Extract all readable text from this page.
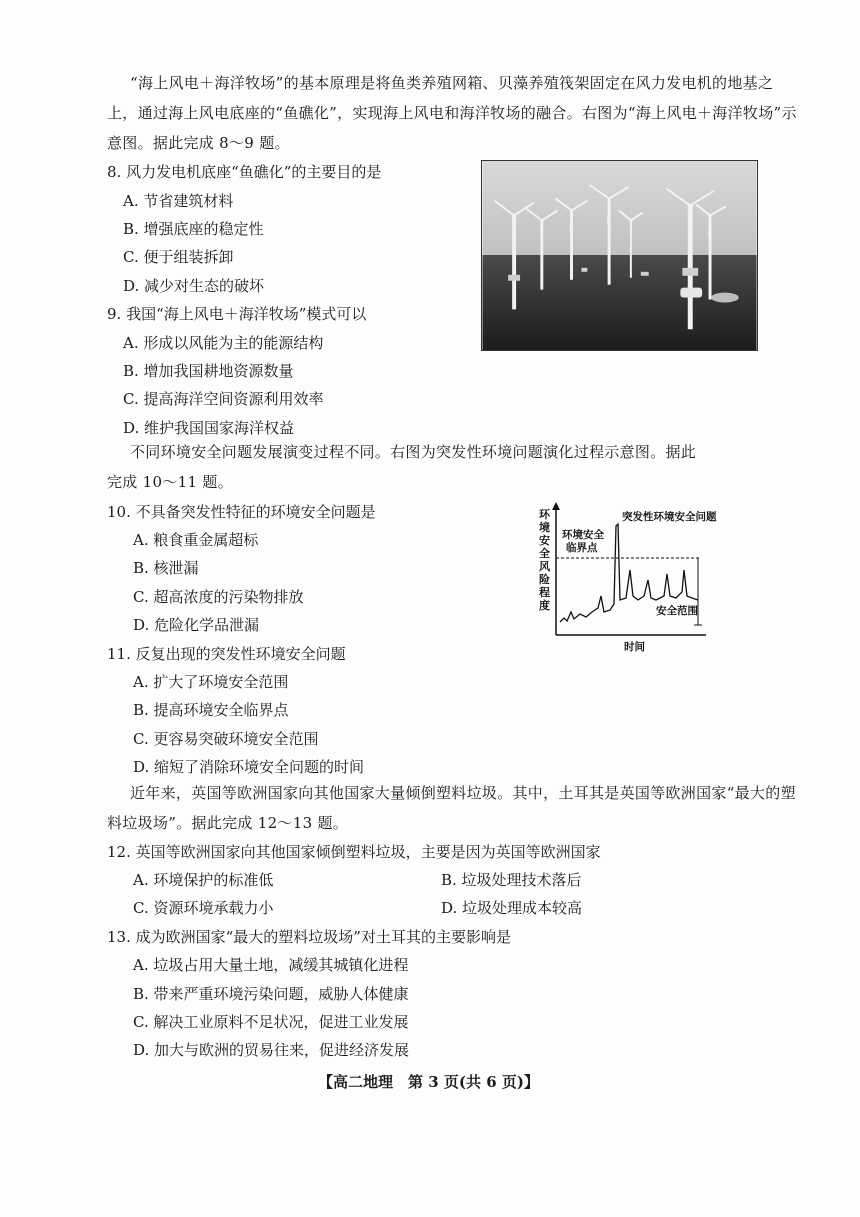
“海上风电＋海洋牧场”的基本原理是将鱼类养殖网箱、贝藻养殖筏架固定在风力发电机的地基之
上，通过海上风电底座的“鱼礁化”，实现海上风电和海洋牧场的融合。右图为“海上风电＋海洋牧场”示
意图。据此完成 8～9 题。
8. 风力发电机底座“鱼礁化”的主要目的是
A. 节省建筑材料
B. 增强底座的稳定性
C. 便于组装拆卸
D. 减少对生态的破坏
9. 我国“海上风电＋海洋牧场”模式可以
A. 形成以风能为主的能源结构
B. 增加我国耕地资源数量
C. 提高海洋空间资源利用效率
D. 维护我国国家海洋权益
不同环境安全问题发展演变过程不同。右图为突发性环境问题演化过程示意图。据此
完成 10～11 题。
10. 不具备突发性特征的环境安全问题是
A. 粮食重金属超标
B. 核泄漏
C. 超高浓度的污染物排放
D. 危险化学品泄漏
环境安全风险程度
突发性环境安全问题
环境安全
临界点
安全范围
时间
11. 反复出现的突发性环境安全问题
A. 扩大了环境安全范围
B. 提高环境安全临界点
C. 更容易突破环境安全范围
D. 缩短了消除环境安全问题的时间
近年来，英国等欧洲国家向其他国家大量倾倒塑料垃圾。其中，土耳其是英国等欧洲国家“最大的塑
料垃圾场”。据此完成 12～13 题。
12. 英国等欧洲国家向其他国家倾倒塑料垃圾，主要是因为英国等欧洲国家
A. 环境保护的标准低	B. 垃圾处理技术落后
C. 资源环境承载力小	D. 垃圾处理成本较高
13. 成为欧洲国家“最大的塑料垃圾场”对土耳其的主要影响是
A. 垃圾占用大量土地，减缓其城镇化进程
B. 带来严重环境污染问题，威胁人体健康
C. 解决工业原料不足状况，促进工业发展
D. 加大与欧洲的贸易往来，促进经济发展
【高二地理　第 3 页(共 6 页)】
